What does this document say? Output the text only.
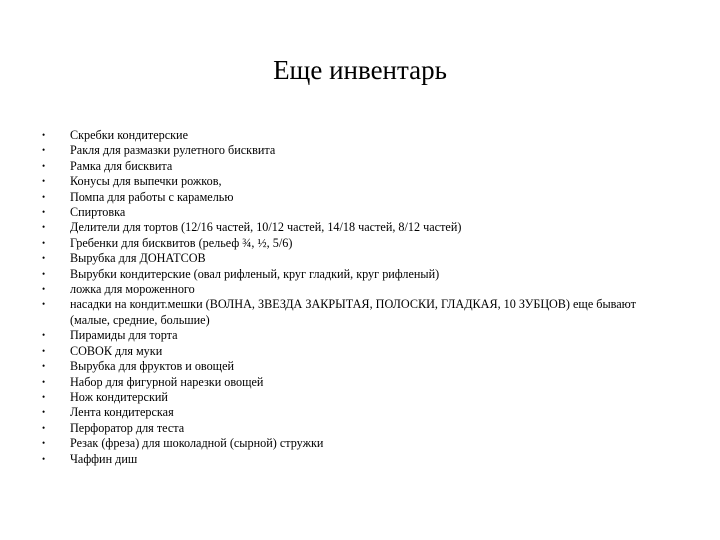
Еще инвентарь
•	Скребки кондитерские
•	Ракля для размазки рулетного бисквита
•	Рамка для бисквита
•	Конусы для выпечки рожков,
•	Помпа для работы с карамелью
•	Спиртовка
•	Делители для тортов (12/16 частей, 10/12 частей, 14/18 частей, 8/12 частей)
•	Гребенки для бисквитов (рельеф ¾, ½, 5/6)
•	Вырубка для ДОНАТСОВ
•	Вырубки кондитерские (овал рифленый, круг гладкий, круг рифленый)
•	ложка для мороженного
•	насадки на кондит.мешки (ВОЛНА, ЗВЕЗДА ЗАКРЫТАЯ, ПОЛОСКИ, ГЛАДКАЯ, 10 ЗУБЦОВ) еще бывают (малые, средние, большие)
•	Пирамиды для торта
•	СОВОК для муки
•	Вырубка для фруктов и овощей
•	Набор для фигурной нарезки овощей
•	Нож кондитерский
•	Лента кондитерская
•	Перфоратор для теста
•	Резак (фреза) для шоколадной (сырной) стружки
•	Чаффин диш
